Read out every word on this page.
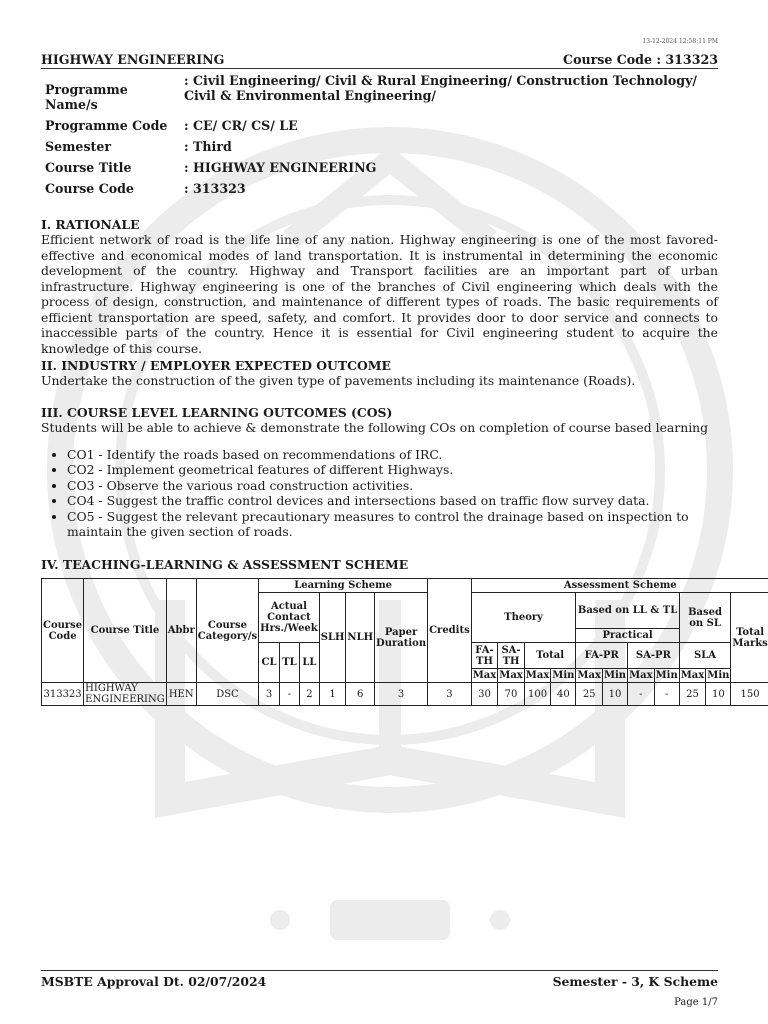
13-12-2024 12:58:11 PM
HIGHWAY ENGINEERING	Course Code : 313323
Programme Name/s	: Civil Engineering/ Civil & Rural Engineering/ Construction Technology/ Civil & Environmental Engineering/
Programme Code	: CE/ CR/ CS/ LE
Semester	: Third
Course Title	: HIGHWAY ENGINEERING
Course Code	: 313323
I. RATIONALE
Efficient network of road is the life line of any nation. Highway engineering is one of the most favored-effective and economical modes of land transportation. It is instrumental in determining the economic development of the country. Highway and Transport facilities are an important part of urban infrastructure. Highway engineering is one of the branches of Civil engineering which deals with the process of design, construction, and maintenance of different types of roads. The basic requirements of efficient transportation are speed, safety, and comfort. It provides door to door service and connects to inaccessible parts of the country. Hence it is essential for Civil engineering student to acquire the knowledge of this course.
II. INDUSTRY / EMPLOYER EXPECTED OUTCOME
Undertake the construction of the given type of pavements including its maintenance (Roads).
III. COURSE LEVEL LEARNING OUTCOMES (COS)
Students will be able to achieve & demonstrate the following COs on completion of course based learning
• CO1 - Identify the roads based on recommendations of IRC.
• CO2 - Implement geometrical features of different Highways.
• CO3 - Observe the various road construction activities.
• CO4 - Suggest the traffic control devices and intersections based on traffic flow survey data.
• CO5 - Suggest the relevant precautionary measures to control the drainage based on inspection to maintain the given section of roads.
IV. TEACHING-LEARNING & ASSESSMENT SCHEME
Course Code	Course Title	Abbr	Course Category/s	Learning Scheme						Credits	Assessment Scheme										
				Actual Contact Hrs./Week			SLH	NLH	Paper Duration		Theory				Based on LL & TL				Based on SL		Total Marks
															Practical						
				CL	TL	LL					FA-TH	SA-TH	Total		FA-PR		SA-PR		SLA		
											Max	Max	Max	Min	Max	Min	Max	Min	Max	Min	
313323	HIGHWAY ENGINEERING	HEN	DSC	3	-	2	1	6	3	3	30	70	100	40	25	10	-	-	25	10	150
MSBTE Approval Dt. 02/07/2024	Semester - 3, K Scheme
Page 1/7
